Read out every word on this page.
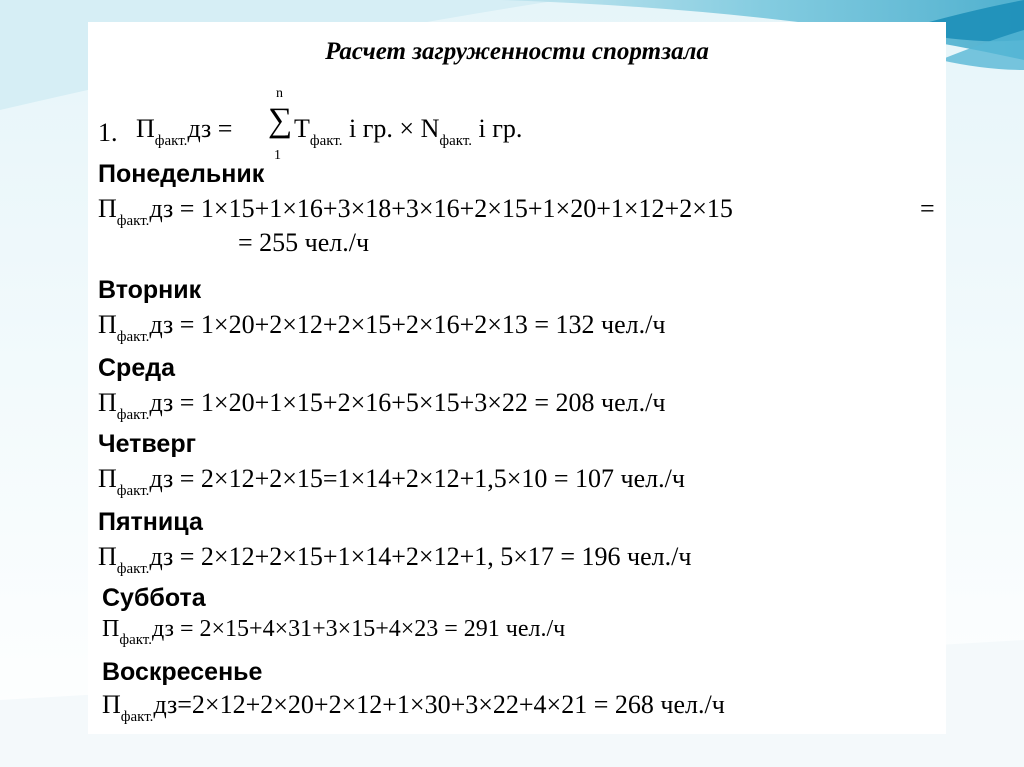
Расчет загруженности спортзала
1. $П_{факт.}дз$ =
n
∑
1
$T_{факт.}$ i гр. × $N_{факт.}$ i гр.
Понедельник
$П_{факт.}дз = 1\times 15+1\times 16+3\times 18+3\times 16+2\times 15+1\times 20+1\times 12+2\times 15$	=
= 255 чел./ч
Вторник
$П_{факт.}дз = 1\times 20+2\times 12+2\times 15+2\times 16+2\times 13 = 132$ чел./ч
Среда
$П_{факт.}дз = 1\times 20+1\times 15+2\times 16+5\times 15+3\times 22 = 208$ чел./ч
Четверг
$П_{факт.}дз = 2\times 12+2\times 15=1\times 14+2\times 12+1,5\times 10 = 107$ чел./ч
Пятница
$П_{факт.}дз = 2\times 12+2\times 15+1\times 14+2\times 12+1$, 5×17 = 196 чел./ч
Суббота
$П_{факт.}дз = 2\times 15+4\times 31+3\times 15+4\times 23 = 291$ чел./ч
Воскресенье
$П_{факт.}дз=2\times 12+2\times 20+2\times 12+1\times 30+3\times 22+4\times 21 = 268$ чел./ч
